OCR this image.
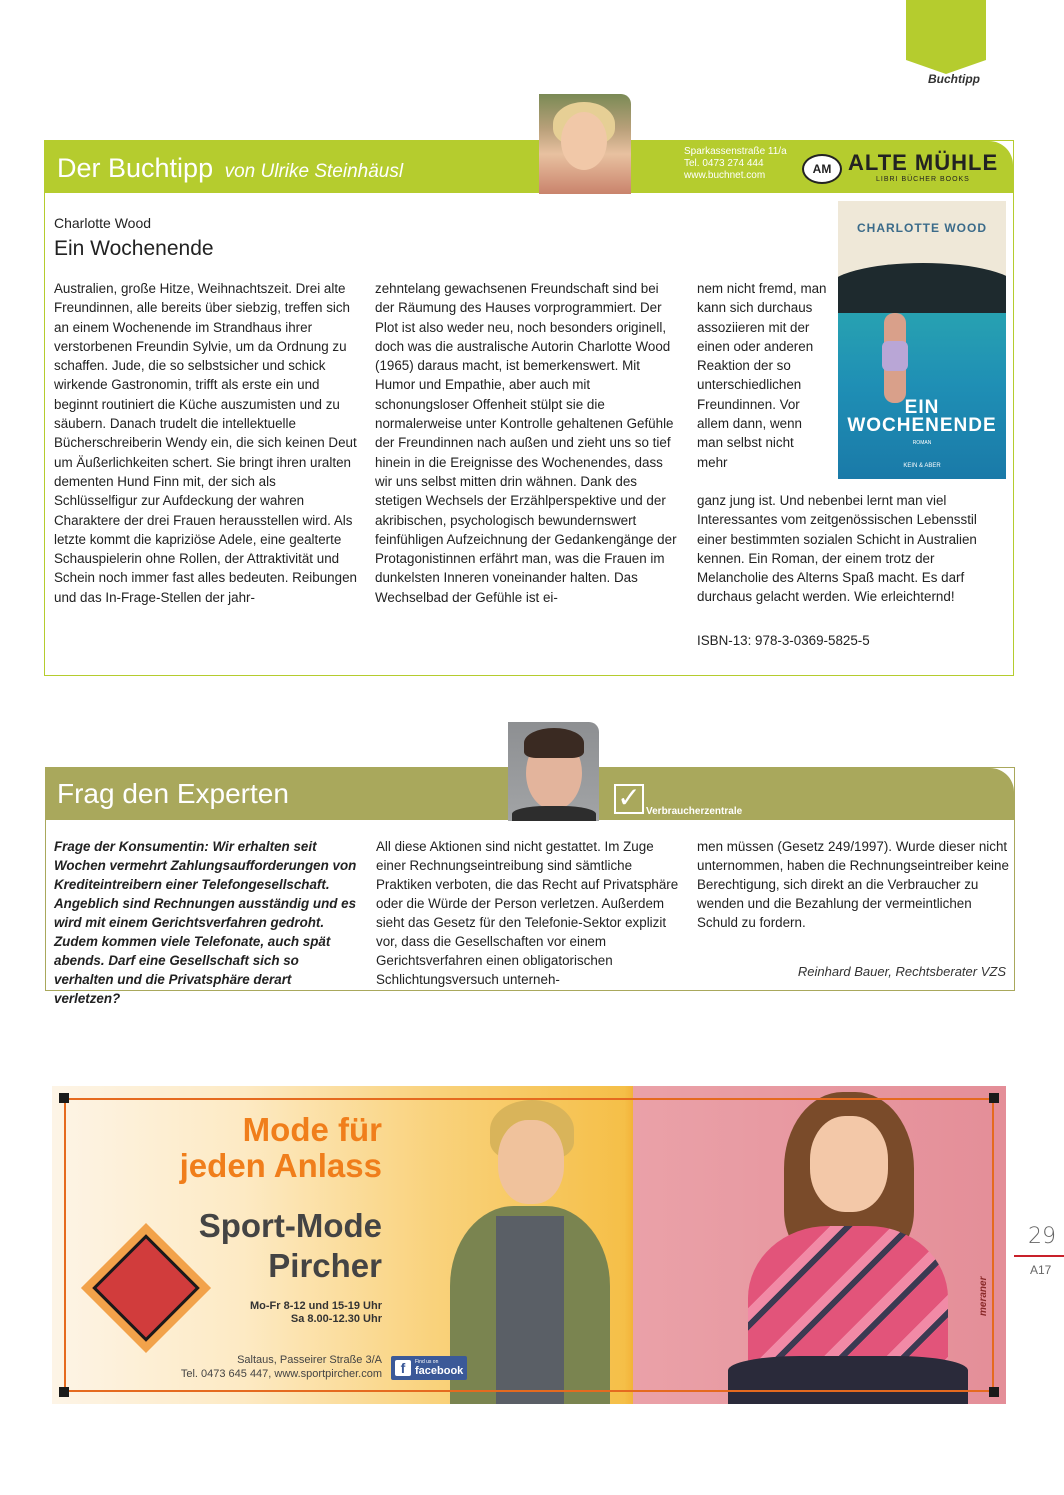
Buchtipp
Der Buchtipp von Ulrike Steinhäusl
Sparkassenstraße 11/a
Tel. 0473 274 444
www.buchnet.com	AM ALTE MÜHLE
LIBRI BÜCHER BOOKS
Charlotte Wood
Ein Wochenende
Australien, große Hitze, Weihnachtszeit. Drei alte Freundinnen, alle bereits über siebzig, treffen sich an einem Wochenende im Strandhaus ihrer verstorbenen Freundin Sylvie, um da Ordnung zu schaffen. Jude, die so selbstsicher und schick wirkende Gastronomin, trifft als erste ein und beginnt routiniert die Küche auszumisten und zu säubern. Danach trudelt die intellektuelle Bücherschreiberin Wendy ein, die sich keinen Deut um Äußerlichkeiten schert. Sie bringt ihren uralten dementen Hund Finn mit, der sich als Schlüsselfigur zur Aufdeckung der wahren Charaktere der drei Frauen herausstellen wird. Als letzte kommt die kapriziöse Adele, eine gealterte Schauspielerin ohne Rollen, der Attraktivität und Schein noch immer fast alles bedeuten. Reibungen und das In-Frage-Stellen der jahr-
zehntelang gewachsenen Freundschaft sind bei der Räumung des Hauses vorprogrammiert. Der Plot ist also weder neu, noch besonders originell, doch was die australische Autorin Charlotte Wood (1965) daraus macht, ist bemerkenswert. Mit Humor und Empathie, aber auch mit schonungsloser Offenheit stülpt sie die normalerweise unter Kontrolle gehaltenen Gefühle der Freundinnen nach außen und zieht uns so tief hinein in die Ereignisse des Wochenendes, dass wir uns selbst mitten drin wähnen. Dank des stetigen Wechsels der Erzählperspektive und der akribischen, psychologisch bewundernswert feinfühligen Aufzeichnung der Gedankengänge der Protagonistinnen erfährt man, was die Frauen im dunkelsten Inneren voneinander halten. Das Wechselbad der Gefühle ist ei-
nem nicht fremd, man kann sich durchaus assoziieren mit der einen oder anderen Reaktion der so unterschiedlichen Freundinnen. Vor allem dann, wenn man selbst nicht mehr
ganz jung ist. Und nebenbei lernt man viel Interessantes vom zeitgenössischen Lebensstil einer bestimmten sozialen Schicht in Australien kennen. Ein Roman, der einem trotz der Melancholie des Alterns Spaß macht. Es darf durchaus gelacht werden. Wie erleichternd!
ISBN-13: 978-3-0369-5825-5
CHARLOTTE WOOD
EIN
WOCHENENDE
ROMAN
KEIN & ABER
Frag den Experten	✓ Verbraucherzentrale
Frage der Konsumentin: Wir erhalten seit Wochen vermehrt Zahlungsaufforderungen von Krediteintreibern einer Telefongesellschaft. Angeblich sind Rechnungen ausständig und es wird mit einem Gerichtsverfahren gedroht. Zudem kommen viele Telefonate, auch spät abends. Darf eine Gesellschaft sich so verhalten und die Privatsphäre derart verletzen?
All diese Aktionen sind nicht gestattet. Im Zuge einer Rechnungseintreibung sind sämtliche Praktiken verboten, die das Recht auf Privatsphäre oder die Würde der Person verletzen. Außerdem sieht das Gesetz für den Telefonie-Sektor explizit vor, dass die Gesellschaften vor einem Gerichtsverfahren einen obligatorischen Schlichtungsversuch unterneh-
men müssen (Gesetz 249/1997). Wurde dieser nicht unternommen, haben die Rechnungseintreiber keine Berechtigung, sich direkt an die Verbraucher zu wenden und die Bezahlung der vermeintlichen Schuld zu fordern.
Reinhard Bauer, Rechtsberater VZS
Mode für
jeden Anlass
Sport-Mode
Pircher
Mo-Fr 8-12 und 15-19 Uhr
Sa 8.00-12.30 Uhr
Saltaus, Passeirer Straße 3/A
Tel. 0473 645 447, www.sportpircher.com	f	Find us on
facebook
meraner
29
A17
